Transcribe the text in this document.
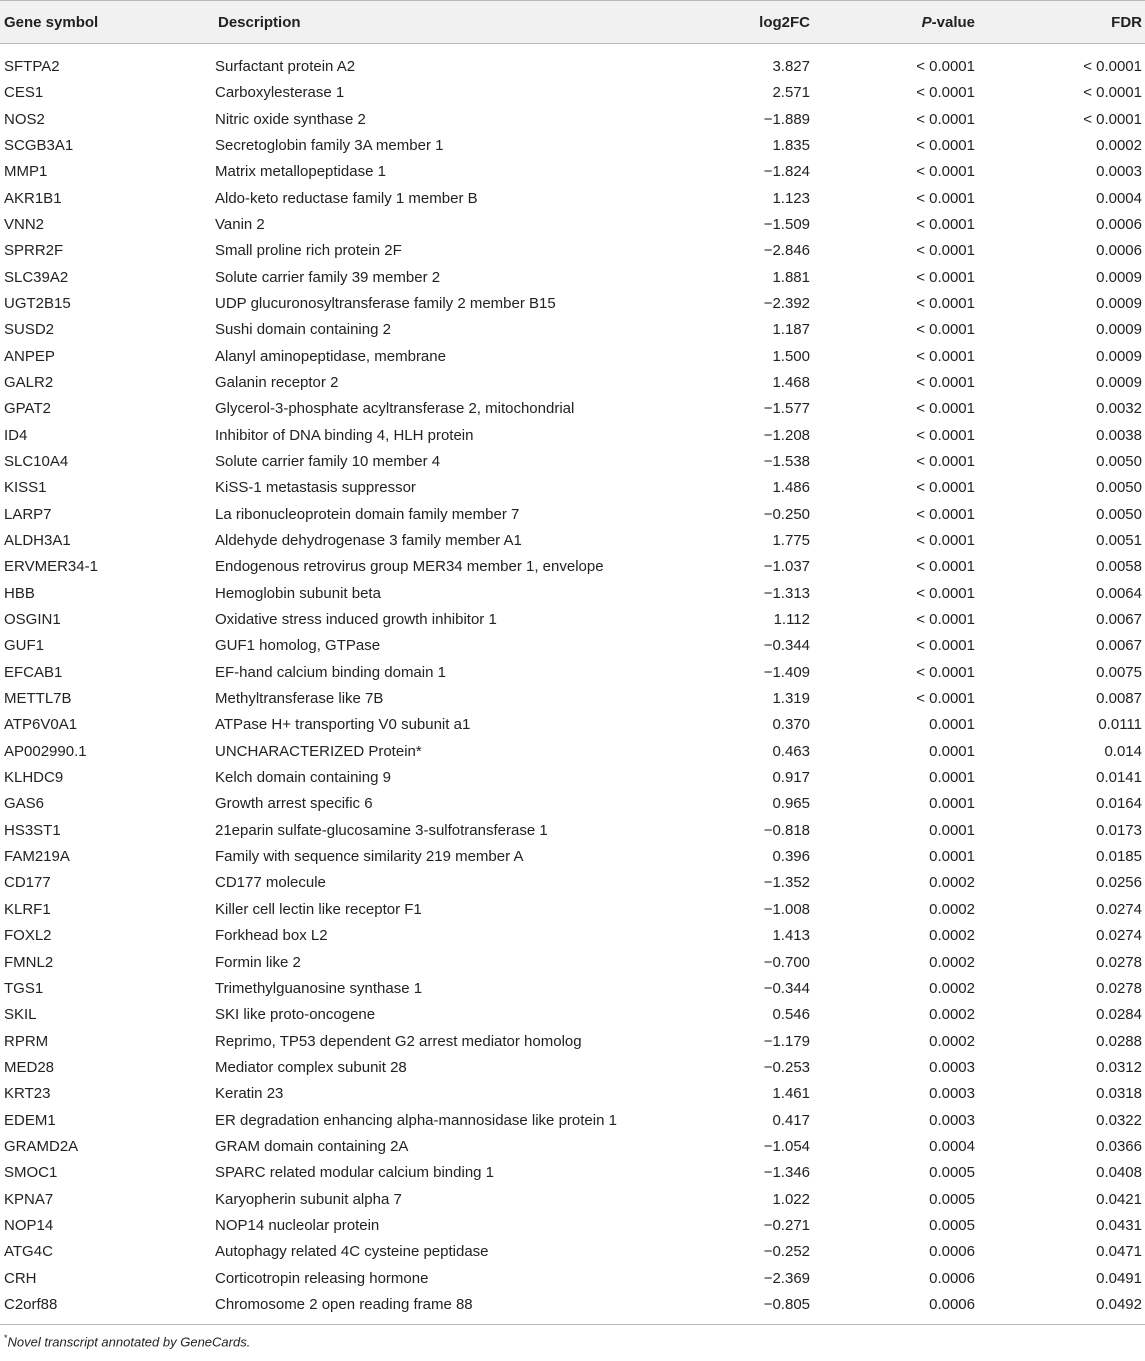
Gene symbol	Description	log2FC	P-value	FDR
SFTPA2	Surfactant protein A2	3.827	< 0.0001	< 0.0001
CES1	Carboxylesterase 1	2.571	< 0.0001	< 0.0001
NOS2	Nitric oxide synthase 2	−1.889	< 0.0001	< 0.0001
SCGB3A1	Secretoglobin family 3A member 1	1.835	< 0.0001	0.0002
MMP1	Matrix metallopeptidase 1	−1.824	< 0.0001	0.0003
AKR1B1	Aldo-keto reductase family 1 member B	1.123	< 0.0001	0.0004
VNN2	Vanin 2	−1.509	< 0.0001	0.0006
SPRR2F	Small proline rich protein 2F	−2.846	< 0.0001	0.0006
SLC39A2	Solute carrier family 39 member 2	1.881	< 0.0001	0.0009
UGT2B15	UDP glucuronosyltransferase family 2 member B15	−2.392	< 0.0001	0.0009
SUSD2	Sushi domain containing 2	1.187	< 0.0001	0.0009
ANPEP	Alanyl aminopeptidase, membrane	1.500	< 0.0001	0.0009
GALR2	Galanin receptor 2	1.468	< 0.0001	0.0009
GPAT2	Glycerol-3-phosphate acyltransferase 2, mitochondrial	−1.577	< 0.0001	0.0032
ID4	Inhibitor of DNA binding 4, HLH protein	−1.208	< 0.0001	0.0038
SLC10A4	Solute carrier family 10 member 4	−1.538	< 0.0001	0.0050
KISS1	KiSS-1 metastasis suppressor	1.486	< 0.0001	0.0050
LARP7	La ribonucleoprotein domain family member 7	−0.250	< 0.0001	0.0050
ALDH3A1	Aldehyde dehydrogenase 3 family member A1	1.775	< 0.0001	0.0051
ERVMER34-1	Endogenous retrovirus group MER34 member 1, envelope	−1.037	< 0.0001	0.0058
HBB	Hemoglobin subunit beta	−1.313	< 0.0001	0.0064
OSGIN1	Oxidative stress induced growth inhibitor 1	1.112	< 0.0001	0.0067
GUF1	GUF1 homolog, GTPase	−0.344	< 0.0001	0.0067
EFCAB1	EF-hand calcium binding domain 1	−1.409	< 0.0001	0.0075
METTL7B	Methyltransferase like 7B	1.319	< 0.0001	0.0087
ATP6V0A1	ATPase H+ transporting V0 subunit a1	0.370	0.0001	0.0111
AP002990.1	UNCHARACTERIZED Protein*	0.463	0.0001	0.014
KLHDC9	Kelch domain containing 9	0.917	0.0001	0.0141
GAS6	Growth arrest specific 6	0.965	0.0001	0.0164
HS3ST1	21eparin sulfate-glucosamine 3-sulfotransferase 1	−0.818	0.0001	0.0173
FAM219A	Family with sequence similarity 219 member A	0.396	0.0001	0.0185
CD177	CD177 molecule	−1.352	0.0002	0.0256
KLRF1	Killer cell lectin like receptor F1	−1.008	0.0002	0.0274
FOXL2	Forkhead box L2	1.413	0.0002	0.0274
FMNL2	Formin like 2	−0.700	0.0002	0.0278
TGS1	Trimethylguanosine synthase 1	−0.344	0.0002	0.0278
SKIL	SKI like proto-oncogene	0.546	0.0002	0.0284
RPRM	Reprimo, TP53 dependent G2 arrest mediator homolog	−1.179	0.0002	0.0288
MED28	Mediator complex subunit 28	−0.253	0.0003	0.0312
KRT23	Keratin 23	1.461	0.0003	0.0318
EDEM1	ER degradation enhancing alpha-mannosidase like protein 1	0.417	0.0003	0.0322
GRAMD2A	GRAM domain containing 2A	−1.054	0.0004	0.0366
SMOC1	SPARC related modular calcium binding 1	−1.346	0.0005	0.0408
KPNA7	Karyopherin subunit alpha 7	1.022	0.0005	0.0421
NOP14	NOP14 nucleolar protein	−0.271	0.0005	0.0431
ATG4C	Autophagy related 4C cysteine peptidase	−0.252	0.0006	0.0471
CRH	Corticotropin releasing hormone	−2.369	0.0006	0.0491
C2orf88	Chromosome 2 open reading frame 88	−0.805	0.0006	0.0492
*Novel transcript annotated by GeneCards.
